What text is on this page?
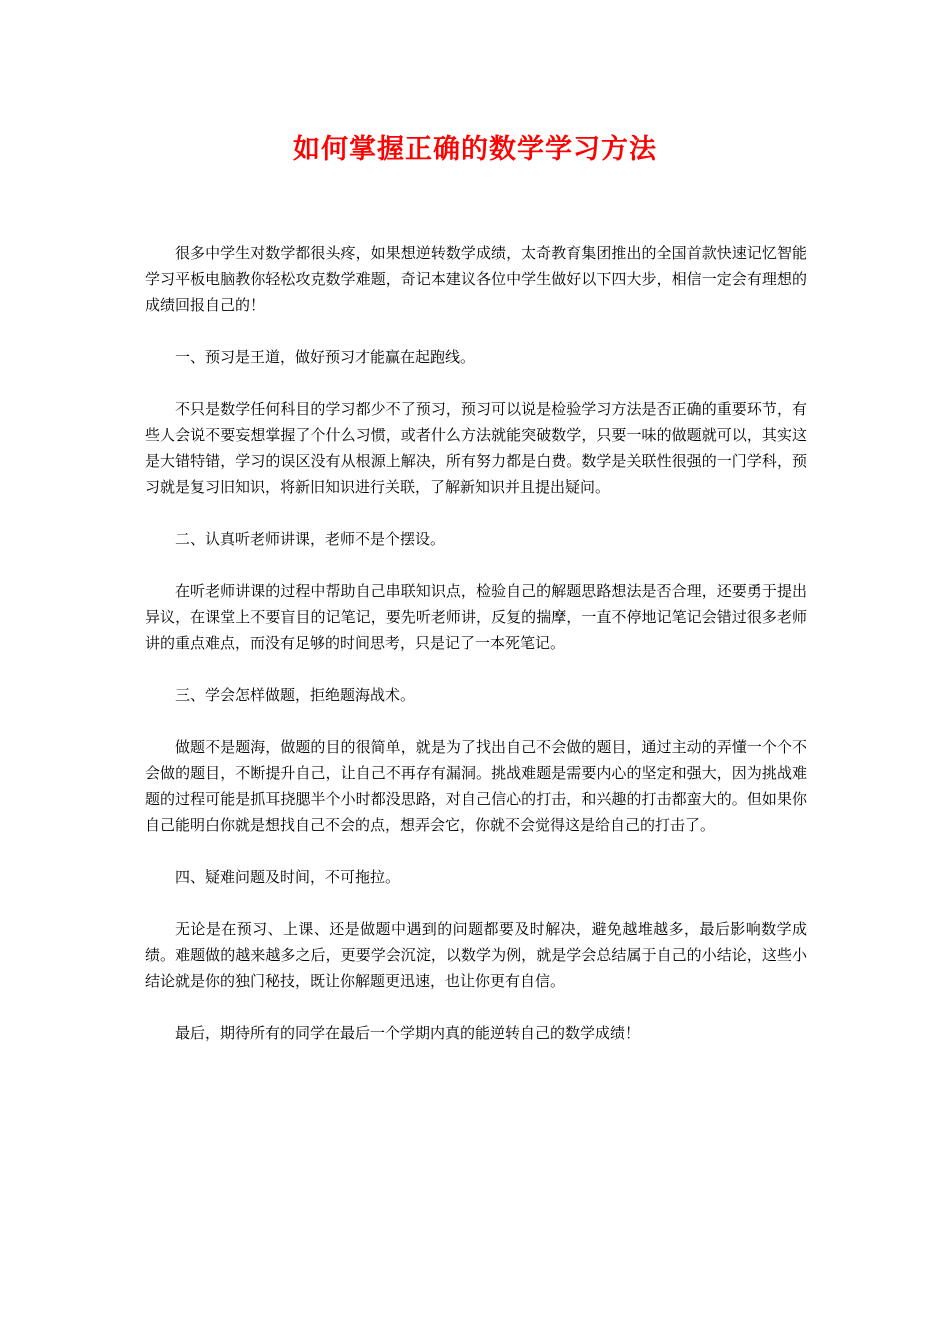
如何掌握正确的数学学习方法

很多中学生对数学都很头疼，如果想逆转数学成绩，太奇教育集团推出的全国首款快速记忆智能学习平板电脑教你轻松攻克数学难题，奇记本建议各位中学生做好以下四大步，相信一定会有理想的成绩回报自己的！

一、预习是王道，做好预习才能赢在起跑线。

不只是数学任何科目的学习都少不了预习，预习可以说是检验学习方法是否正确的重要环节，有些人会说不要妄想掌握了个什么习惯，或者什么方法就能突破数学，只要一味的做题就可以，其实这是大错特错，学习的误区没有从根源上解决，所有努力都是白费。数学是关联性很强的一门学科，预习就是复习旧知识，将新旧知识进行关联，了解新知识并且提出疑问。

二、认真听老师讲课，老师不是个摆设。

在听老师讲课的过程中帮助自己串联知识点，检验自己的解题思路想法是否合理，还要勇于提出异议，在课堂上不要盲目的记笔记，要先听老师讲，反复的揣摩，一直不停地记笔记会错过很多老师讲的重点难点，而没有足够的时间思考，只是记了一本死笔记。

三、学会怎样做题，拒绝题海战术。

做题不是题海，做题的目的很简单，就是为了找出自己不会做的题目，通过主动的弄懂一个个不会做的题目，不断提升自己，让自己不再存有漏洞。挑战难题是需要内心的坚定和强大，因为挑战难题的过程可能是抓耳挠腮半个小时都没思路，对自己信心的打击，和兴趣的打击都蛮大的。但如果你自己能明白你就是想找自己不会的点，想弄会它，你就不会觉得这是给自己的打击了。

四、疑难问题及时间，不可拖拉。

无论是在预习、上课、还是做题中遇到的问题都要及时解决，避免越堆越多，最后影响数学成绩。难题做的越来越多之后，更要学会沉淀，以数学为例，就是学会总结属于自己的小结论，这些小结论就是你的独门秘技，既让你解题更迅速，也让你更有自信。

最后，期待所有的同学在最后一个学期内真的能逆转自己的数学成绩！
